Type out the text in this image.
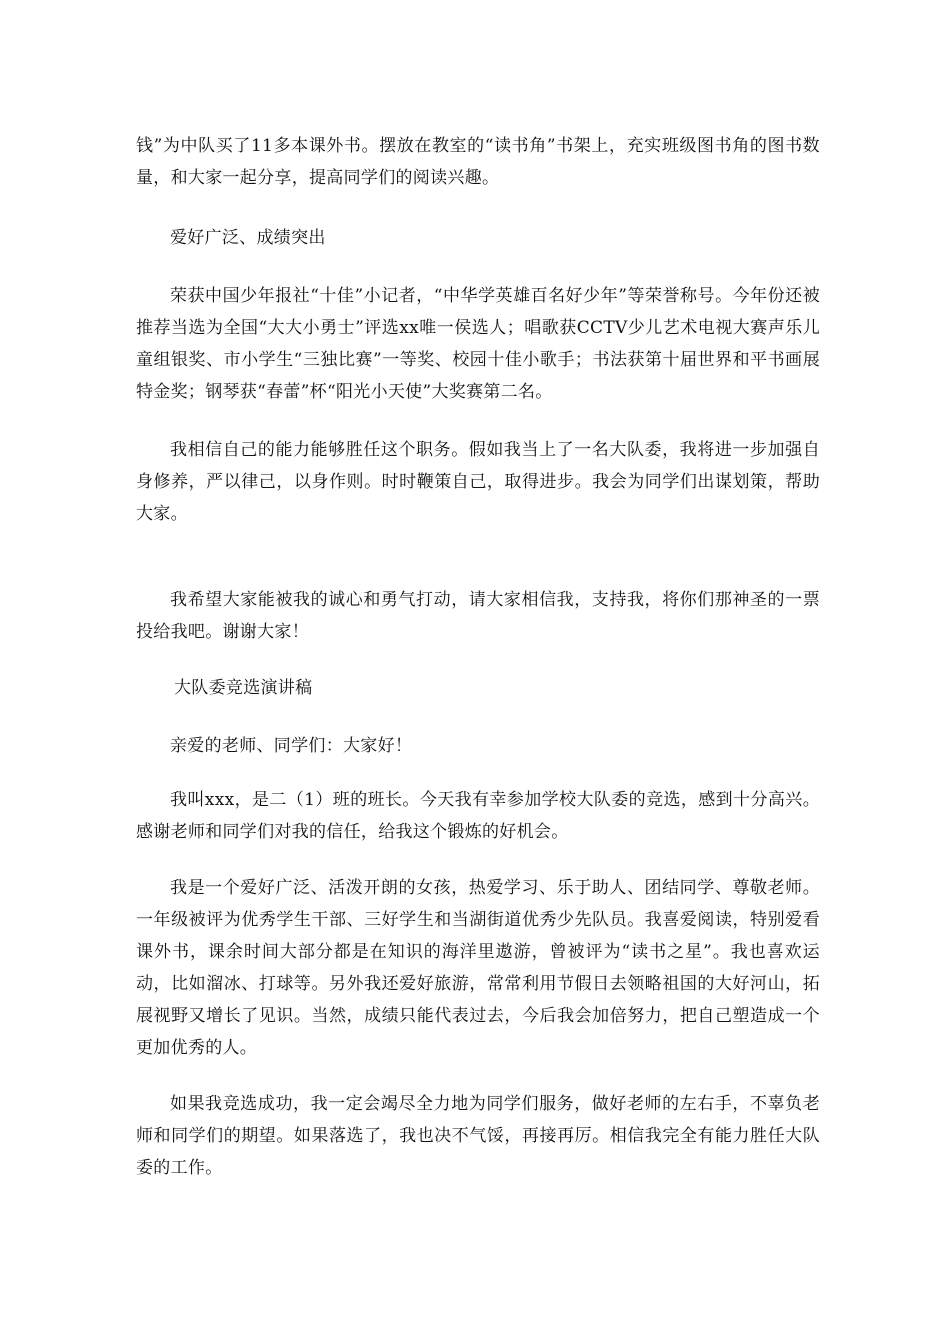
钱”为中队买了11多本课外书。摆放在教室的“读书角”书架上，充实班级图书角的图书数量，和大家一起分享，提高同学们的阅读兴趣。

爱好广泛、成绩突出

荣获中国少年报社“十佳”小记者，“中华学英雄百名好少年”等荣誉称号。今年份还被推荐当选为全国“大大小勇士”评选xx唯一侯选人；唱歌获CCTV少儿艺术电视大赛声乐儿童组银奖、市小学生“三独比赛”一等奖、校园十佳小歌手；书法获第十届世界和平书画展特金奖；钢琴获“春蕾”杯“阳光小天使”大奖赛第二名。

我相信自己的能力能够胜任这个职务。假如我当上了一名大队委，我将进一步加强自身修养，严以律己，以身作则。时时鞭策自己，取得进步。我会为同学们出谋划策，帮助大家。

我希望大家能被我的诚心和勇气打动，请大家相信我，支持我，将你们那神圣的一票投给我吧。谢谢大家！

大队委竞选演讲稿

亲爱的老师、同学们：大家好！

我叫xxx，是二（1）班的班长。今天我有幸参加学校大队委的竞选，感到十分高兴。感谢老师和同学们对我的信任，给我这个锻炼的好机会。

我是一个爱好广泛、活泼开朗的女孩，热爱学习、乐于助人、团结同学、尊敬老师。一年级被评为优秀学生干部、三好学生和当湖街道优秀少先队员。我喜爱阅读，特别爱看课外书，课余时间大部分都是在知识的海洋里遨游，曾被评为“读书之星”。我也喜欢运动，比如溜冰、打球等。另外我还爱好旅游，常常利用节假日去领略祖国的大好河山，拓展视野又增长了见识。当然，成绩只能代表过去，今后我会加倍努力，把自己塑造成一个更加优秀的人。

如果我竞选成功，我一定会竭尽全力地为同学们服务，做好老师的左右手，不辜负老师和同学们的期望。如果落选了，我也决不气馁，再接再厉。相信我完全有能力胜任大队委的工作。
